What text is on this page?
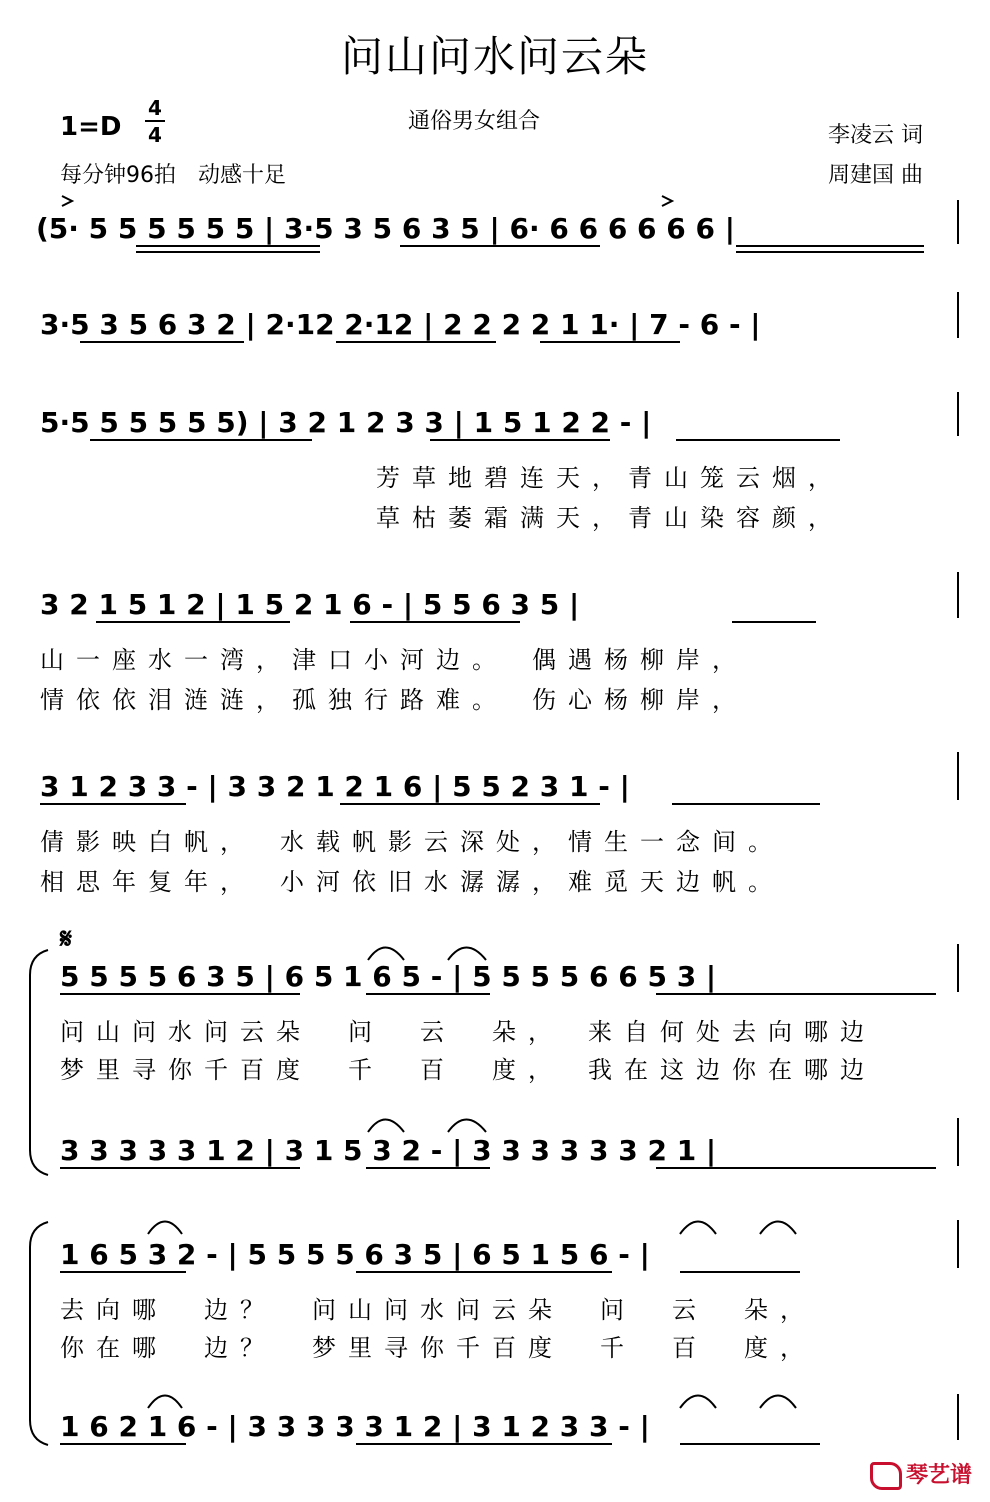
问山问水问云朵
1=D
4
4
通俗男女组合
李凌云 词
每分钟96拍　动感十足	周建国 曲
(5· 5 5 5 5 5 5 | 3·5 3 5 6 3 5 | 6· 6 6 6 6 6 6 |
3·5 3 5 6 3 2 | 2·12 2·12 | 2 2 2 2 1 1· | 7 - 6 - |
5·5 5 5 5 5 5) | 3 2 1 2 3 3 | 1 5 1 2 2 - |
3 2 1 5 1 2 | 1 5 2 1 6 - | 5 5 6 3 5 |
3 1 2 3 3 - | 3 3 2 1 2 1 6 | 5 5 2 3 1 - |
5 5 5 5 6 3 5 | 6 5 1 6 5 - | 5 5 5 5 6 6 5 3 |
3 3 3 3 3 1 2 | 3 1 5 3 2 - | 3 3 3 3 3 3 2 1 |
1 6 5 3 2 - | 5 5 5 5 6 3 5 | 6 5 1 5 6 - |
1 6 2 1 6 - | 3 3 3 3 3 1 2 | 3 1 2 3 3 - |
𝄋
芳草地碧连天，青山笼云烟，
草枯萎霜满天，青山染容颜，
山一座水一湾，津口小河边。　偶遇杨柳岸，
情依依泪涟涟，孤独行路难。　伤心杨柳岸，
倩影映白帆，　水载帆影云深处，情生一念间。
相思年复年，　小河依旧水潺潺，难觅天边帆。
问山问水问云朵　问　云　朵，　来自何处去向哪边
梦里寻你千百度　千　百　度，　我在这边你在哪边
去向哪　边？　问山问水问云朵　问　云　朵，
你在哪　边？　梦里寻你千百度　千　百　度，
琴艺谱
